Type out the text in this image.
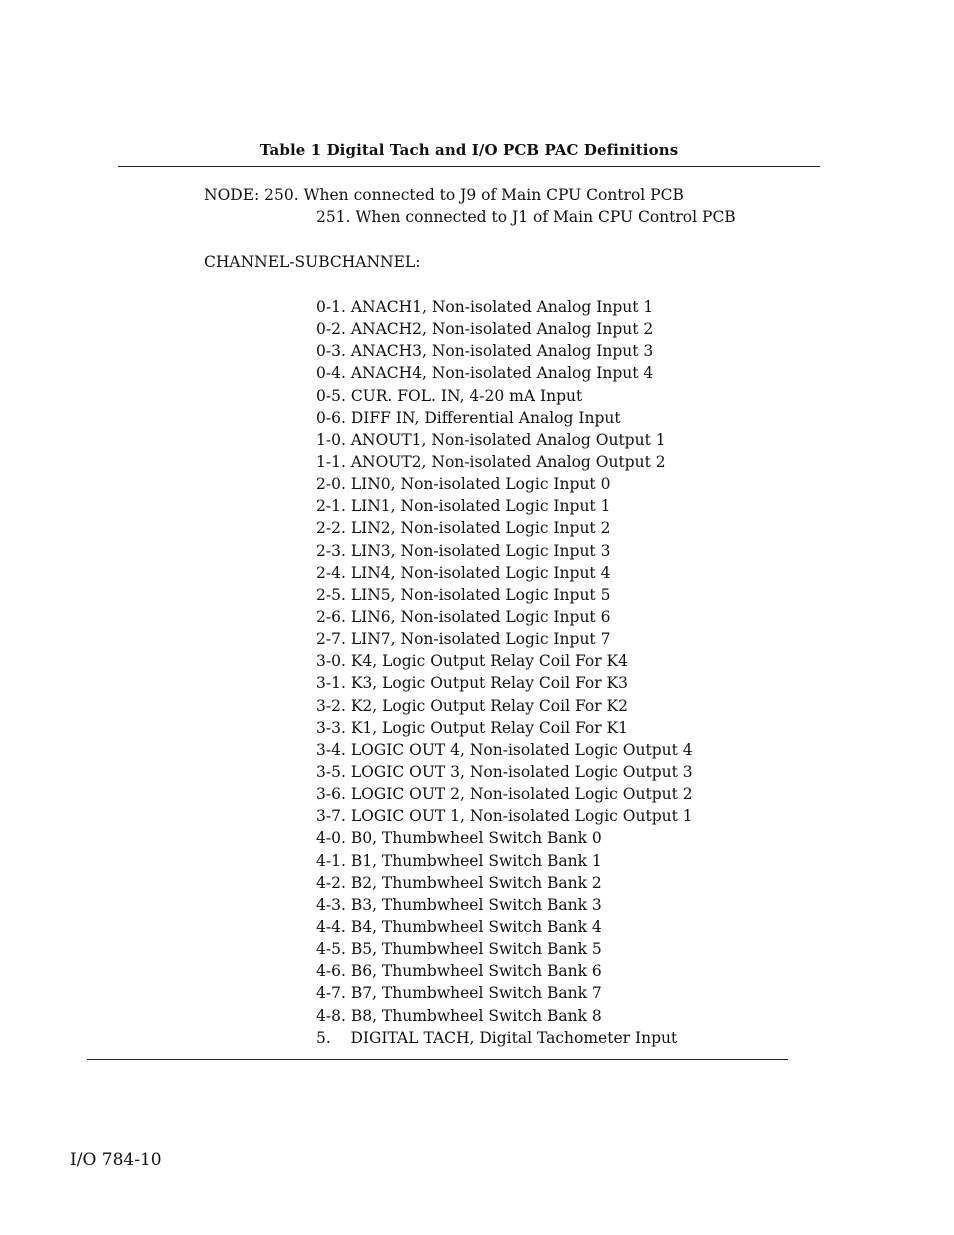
Table 1 Digital Tach and I/O PCB PAC Definitions
NODE: 250. When connected to J9 of Main CPU Control PCB
251. When connected to J1 of Main CPU Control PCB
CHANNEL-SUBCHANNEL:
0-1. ANACH1, Non-isolated Analog Input 1
0-2. ANACH2, Non-isolated Analog Input 2
0-3. ANACH3, Non-isolated Analog Input 3
0-4. ANACH4, Non-isolated Analog Input 4
0-5. CUR. FOL. IN, 4-20 mA Input
0-6. DIFF IN, Differential Analog Input
1-0. ANOUT1, Non-isolated Analog Output 1
1-1. ANOUT2, Non-isolated Analog Output 2
2-0. LIN0, Non-isolated Logic Input 0
2-1. LIN1, Non-isolated Logic Input 1
2-2. LIN2, Non-isolated Logic Input 2
2-3. LIN3, Non-isolated Logic Input 3
2-4. LIN4, Non-isolated Logic Input 4
2-5. LIN5, Non-isolated Logic Input 5
2-6. LIN6, Non-isolated Logic Input 6
2-7. LIN7, Non-isolated Logic Input 7
3-0. K4, Logic Output Relay Coil For K4
3-1. K3, Logic Output Relay Coil For K3
3-2. K2, Logic Output Relay Coil For K2
3-3. K1, Logic Output Relay Coil For K1
3-4. LOGIC OUT 4, Non-isolated Logic Output 4
3-5. LOGIC OUT 3, Non-isolated Logic Output 3
3-6. LOGIC OUT 2, Non-isolated Logic Output 2
3-7. LOGIC OUT 1, Non-isolated Logic Output 1
4-0. B0, Thumbwheel Switch Bank 0
4-1. B1, Thumbwheel Switch Bank 1
4-2. B2, Thumbwheel Switch Bank 2
4-3. B3, Thumbwheel Switch Bank 3
4-4. B4, Thumbwheel Switch Bank 4
4-5. B5, Thumbwheel Switch Bank 5
4-6. B6, Thumbwheel Switch Bank 6
4-7. B7, Thumbwheel Switch Bank 7
4-8. B8, Thumbwheel Switch Bank 8
5.    DIGITAL TACH, Digital Tachometer Input
I/O 784-10
